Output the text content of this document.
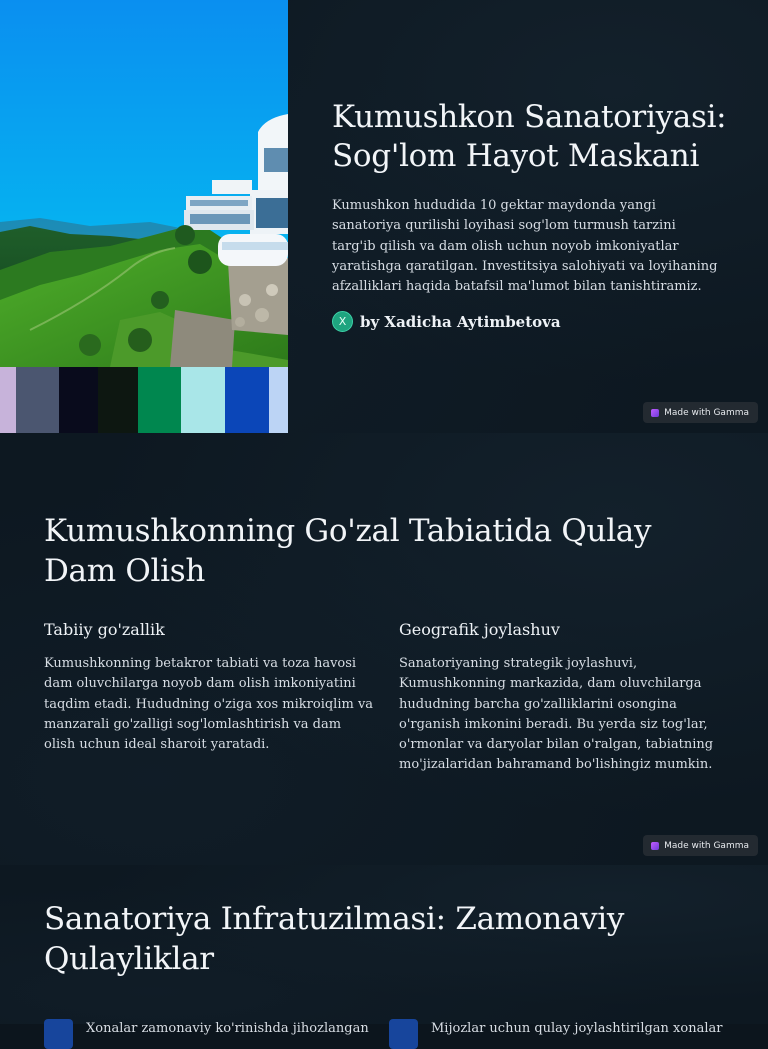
Kumushkon Sanatoriyasi: Sog'lom Hayot Maskani

Kumushkon hududida 10 gektar maydonda yangi sanatoriya qurilishi loyihasi sog'lom turmush tarzini targ'ib qilish va dam olish uchun noyob imkoniyatlar yaratishga qaratilgan. Investitsiya salohiyati va loyihaning afzalliklari haqida batafsil ma'lumot bilan tanishtiramiz.

X by Xadicha Aytimbetova
Made with Gamma
Kumushkonning Go'zal Tabiatida Qulay Dam Olish
Tabiiy go'zallik

Kumushkonning betakror tabiati va toza havosi dam oluvchilarga noyob dam olish imkoniyatini taqdim etadi. Hududning o'ziga xos mikroiqlim va manzarali go'zalligi sog'lomlashtirish va dam olish uchun ideal sharoit yaratadi.

Geografik joylashuv

Sanatoriyaning strategik joylashuvi, Kumushkonning markazida, dam oluvchilarga hududning barcha go'zalliklarini osongina o'rganish imkonini beradi. Bu yerda siz tog'lar, o'rmonlar va daryolar bilan o'ralgan, tabiatning mo'jizalaridan bahramand bo'lishingiz mumkin.

Made with Gamma
Sanatoriya Infratuzilmasi: Zamonaviy Qulayliklar
Xonalar zamonaviy ko'rinishda jihozlangan	Mijozlar uchun qulay joylashtirilgan xonalar
